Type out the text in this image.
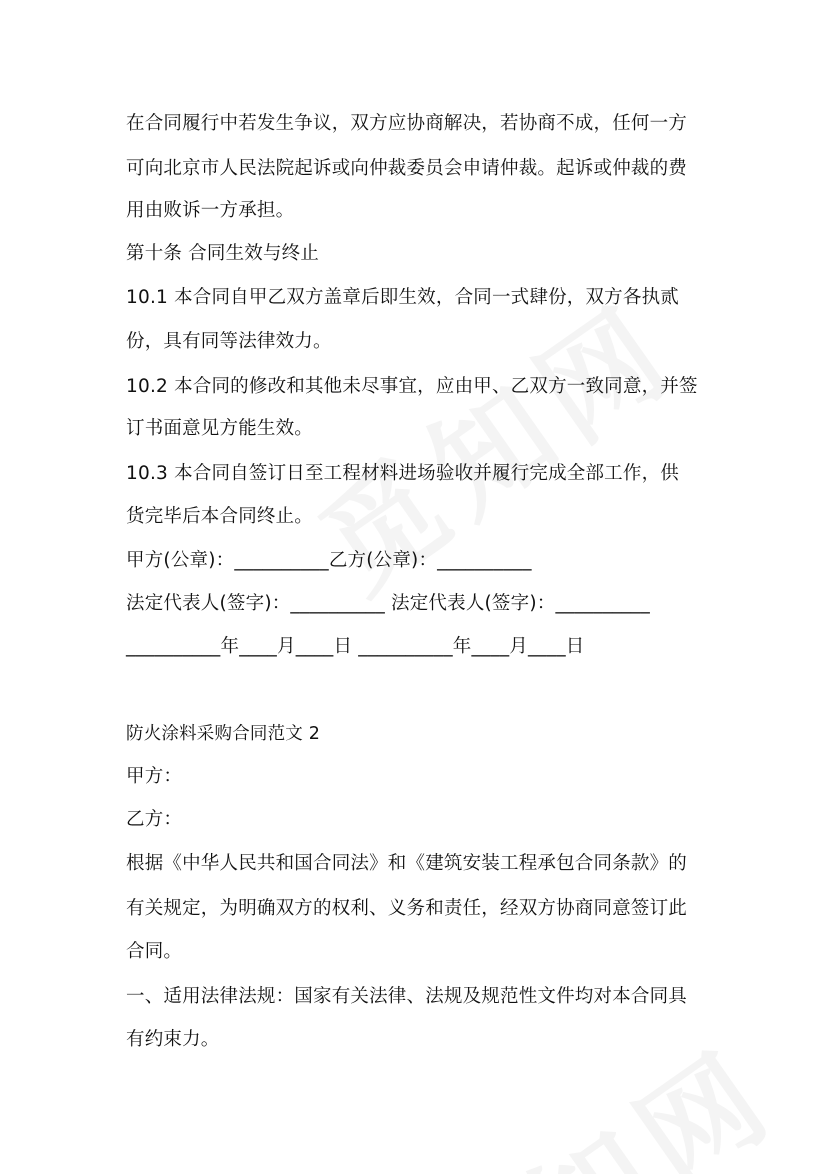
在合同履行中若发生争议，双方应协商解决，若协商不成，任何一方
可向北京市人民法院起诉或向仲裁委员会申请仲裁。起诉或仲裁的费
用由败诉一方承担。
第十条 合同生效与终止
10.1 本合同自甲乙双方盖章后即生效，合同一式肆份，双方各执贰
份，具有同等法律效力。
10.2 本合同的修改和其他未尽事宜，应由甲、乙双方一致同意，并签
订书面意见方能生效。
10.3 本合同自签订日至工程材料进场验收并履行完成全部工作，供
货完毕后本合同终止。
甲方(公章)：__________乙方(公章)：__________
法定代表人(签字)：__________ 法定代表人(签字)：__________
__________年____月____日 __________年____月____日
防火涂料采购合同范文 2
甲方：
乙方：
根据《中华人民共和国合同法》和《建筑安装工程承包合同条款》的
有关规定，为明确双方的权利、义务和责任，经双方协商同意签订此
合同。
一、适用法律法规：国家有关法律、法规及规范性文件均对本合同具
有约束力。
